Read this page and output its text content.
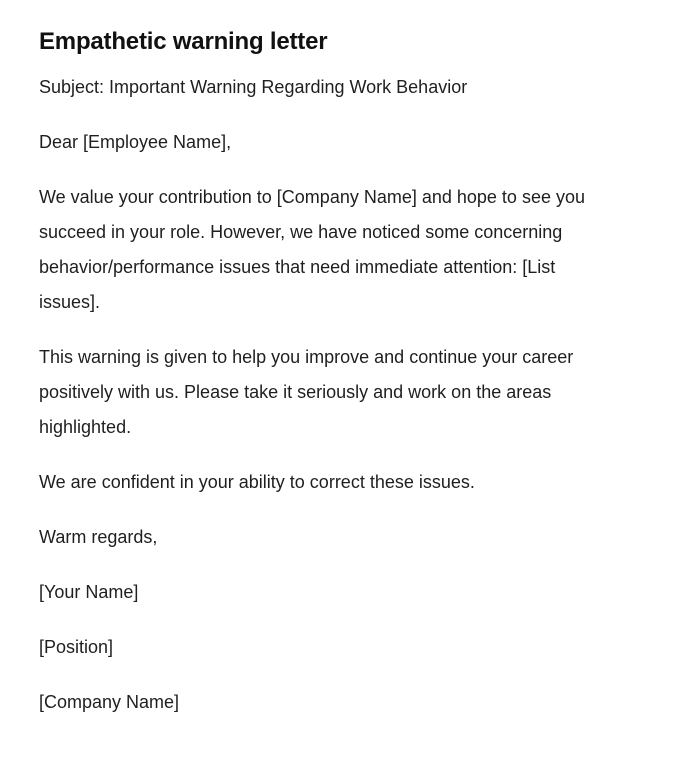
Empathetic warning letter

Subject: Important Warning Regarding Work Behavior

Dear [Employee Name],

We value your contribution to [Company Name] and hope to see you succeed in your role. However, we have noticed some concerning behavior/performance issues that need immediate attention: [List issues].

This warning is given to help you improve and continue your career positively with us. Please take it seriously and work on the areas highlighted.

We are confident in your ability to correct these issues.

Warm regards,

[Your Name]

[Position]

[Company Name]
